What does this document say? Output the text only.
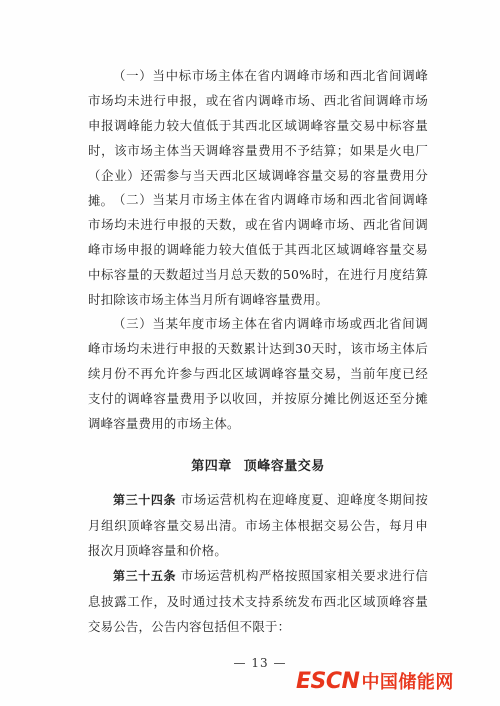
（一）当中标市场主体在省内调峰市场和西北省间调峰市场均未进行申报，或在省内调峰市场、西北省间调峰市场申报调峰能力较大值低于其西北区域调峰容量交易中标容量时，该市场主体当天调峰容量费用不予结算；如果是火电厂（企业）还需参与当天西北区域调峰容量交易的容量费用分摊。 （二）当某月市场主体在省内调峰市场和西北省间调峰市场均未进行申报的天数，或在省内调峰市场、西北省间调峰市场申报的调峰能力较大值低于其西北区域调峰容量交易中标容量的天数超过当月总天数的50%时，在进行月度结算时扣除该市场主体当月所有调峰容量费用。

（三）当某年度市场主体在省内调峰市场或西北省间调峰市场均未进行申报的天数累计达到30天时，该市场主体后续月份不再允许参与西北区域调峰容量交易，当前年度已经支付的调峰容量费用予以收回，并按原分摊比例返还至分摊调峰容量费用的市场主体。

第四章 顶峰容量交易

第三十四条 市场运营机构在迎峰度夏、迎峰度冬期间按月组织顶峰容量交易出清。市场主体根据交易公告，每月申报次月顶峰容量和价格。

第三十五条 市场运营机构严格按照国家相关要求进行信息披露工作，及时通过技术支持系统发布西北区域顶峰容量交易公告，公告内容包括但不限于：

— 13 —
ESCN 中国储能网
